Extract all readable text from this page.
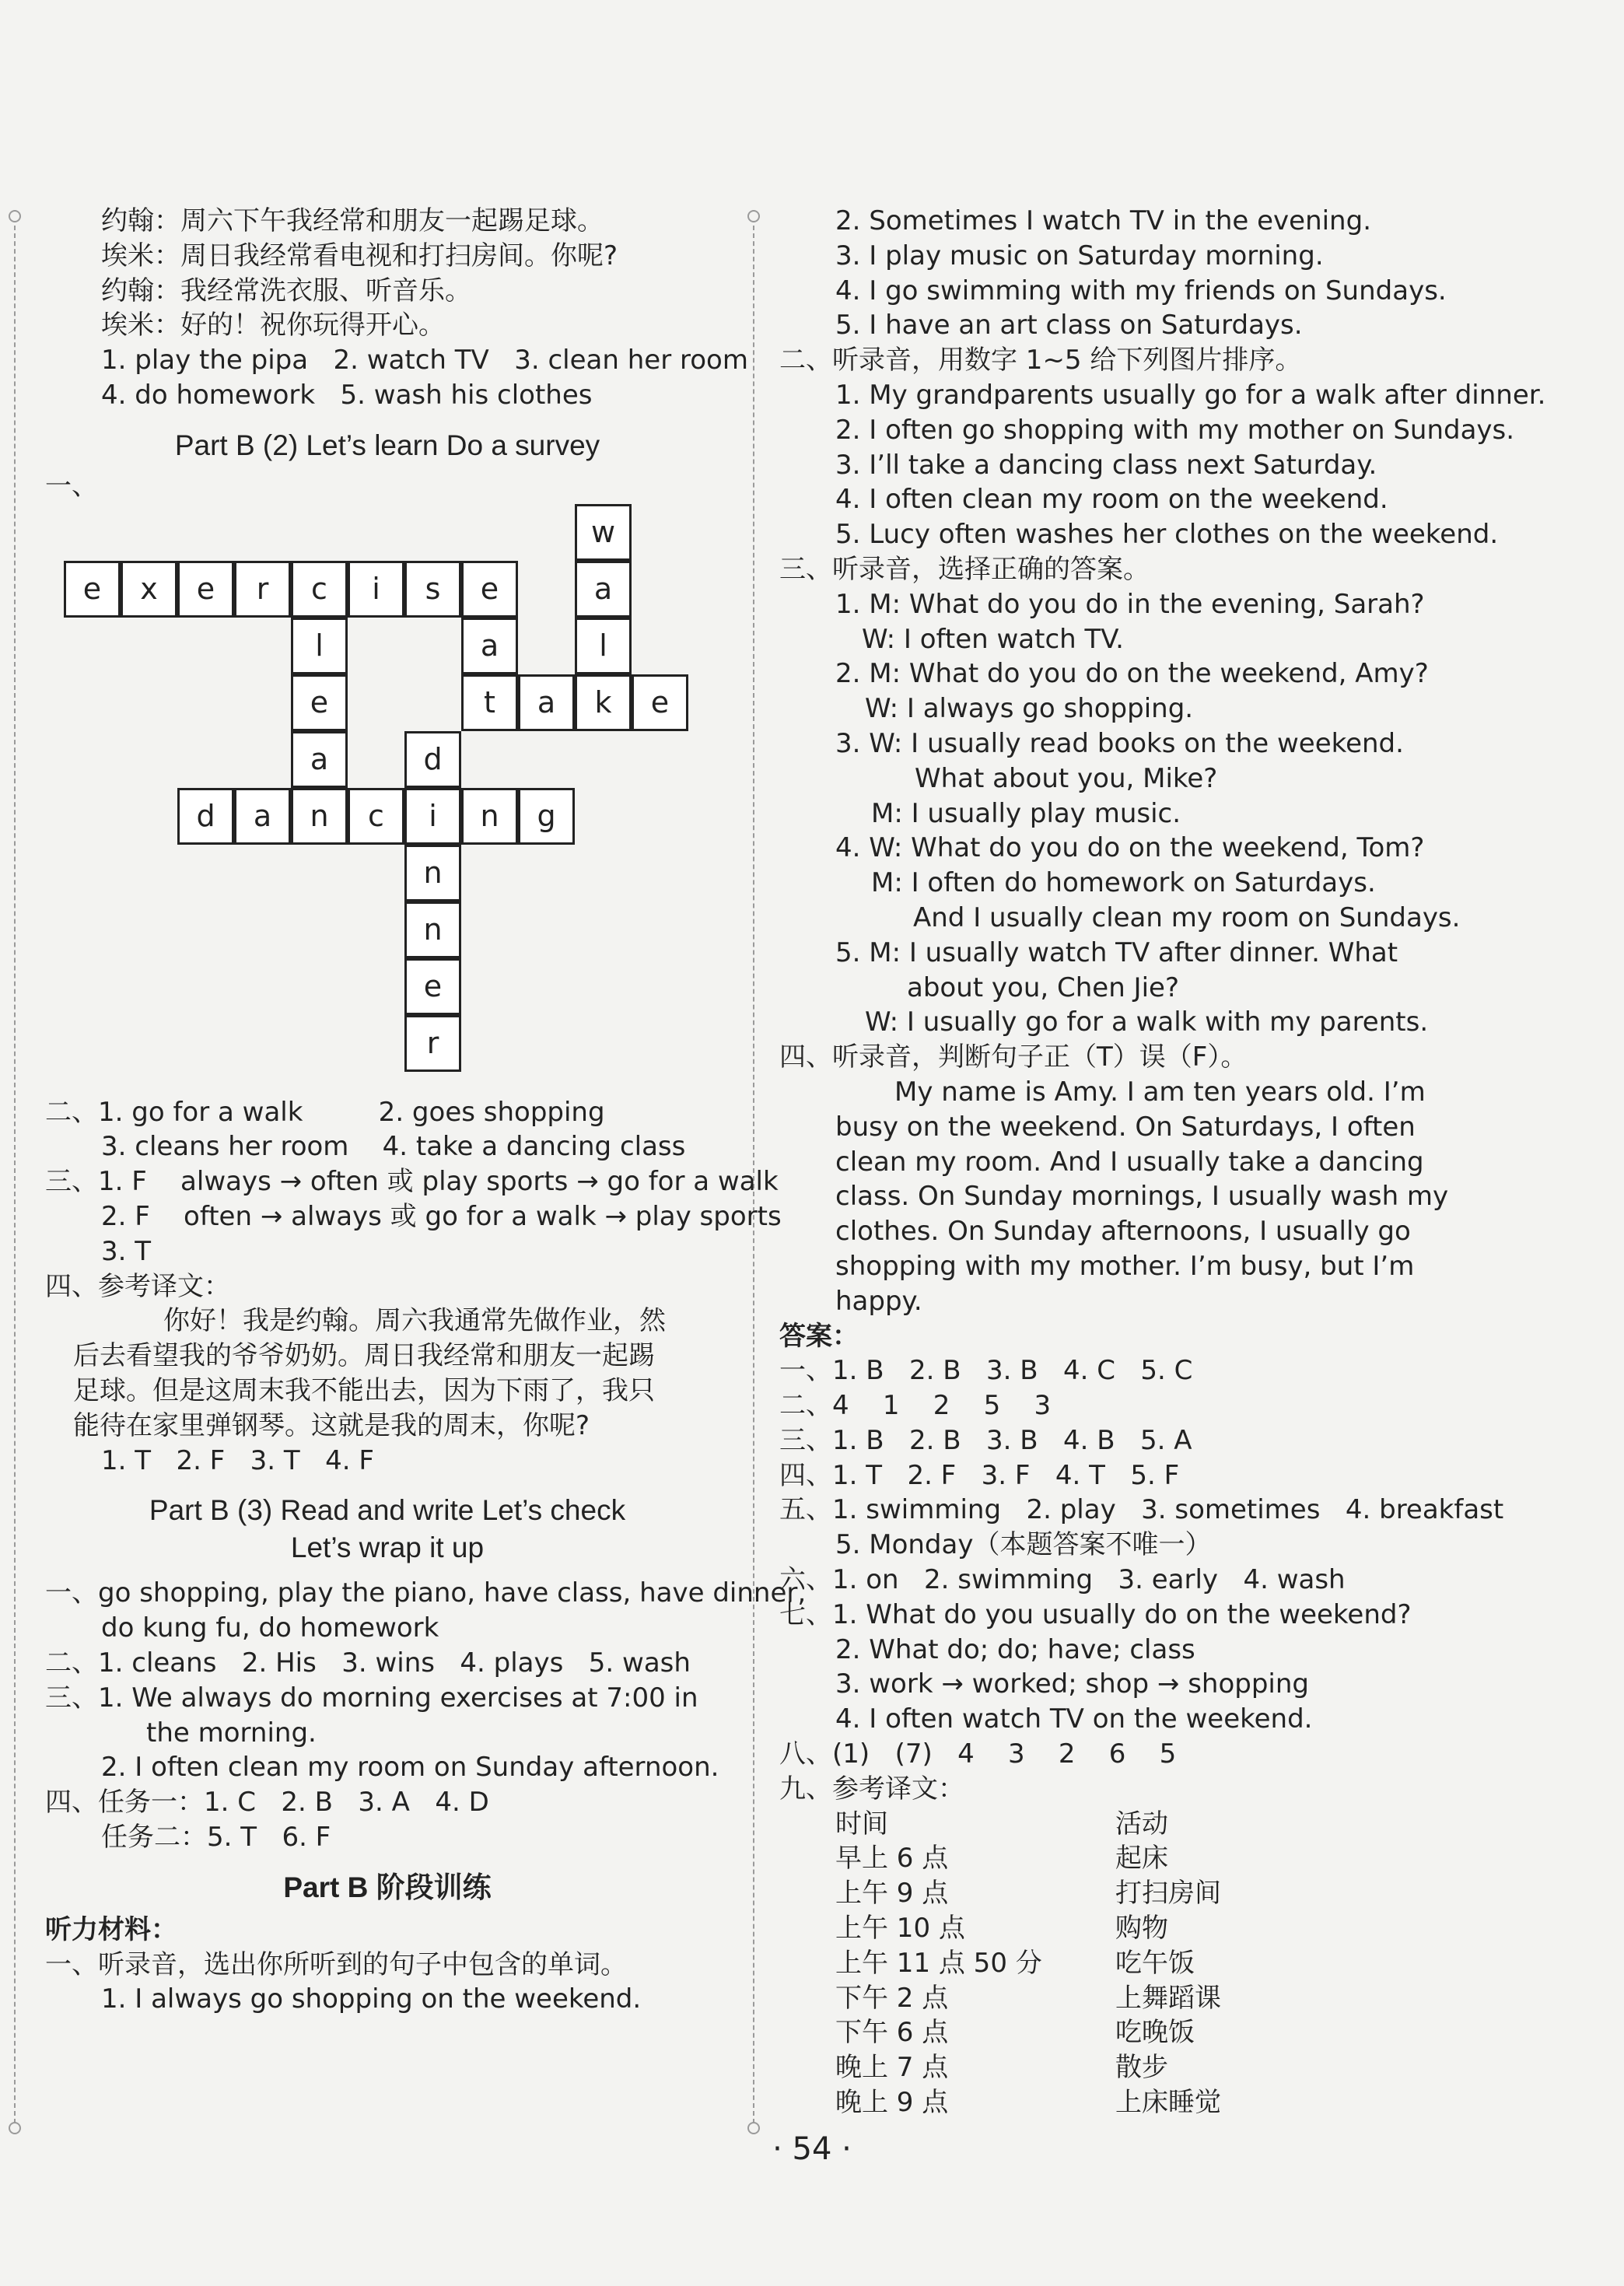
约翰：周六下午我经常和朋友一起踢足球。
埃米：周日我经常看电视和打扫房间。你呢?
约翰：我经常洗衣服、听音乐。
埃米：好的！祝你玩得开心。
1. play the pipa   2. watch TV   3. clean her room
4. do homework   5. wash his clothes
Part B (2) Let’s learn Do a survey
一、
w
e	x	e	r	c	i	s	e	a
l	a	l
e	t	a	k	e
a	d
d	a	n	c	i	n	g
n
n
e
r
二、1. go for a walk         2. goes shopping
3. cleans her room    4. take a dancing class
三、1. F    always → often 或 play sports → go for a walk
2. F    often → always 或 go for a walk → play sports
3. T
四、参考译文：
你好！我是约翰。周六我通常先做作业，然
后去看望我的爷爷奶奶。周日我经常和朋友一起踢
足球。但是这周末我不能出去，因为下雨了，我只
能待在家里弹钢琴。这就是我的周末，你呢?
1. T   2. F   3. T   4. F
Part B (3) Read and write Let’s check
Let’s wrap it up
一、go shopping, play the piano, have class, have dinner,
do kung fu, do homework
二、1. cleans   2. His   3. wins   4. plays   5. wash
三、1. We always do morning exercises at 7:00 in
the morning.
2. I often clean my room on Sunday afternoon.
四、任务一：1. C   2. B   3. A   4. D
任务二：5. T   6. F
Part B 阶段训练
听力材料：
一、听录音，选出你所听到的句子中包含的单词。
1. I always go shopping on the weekend.
2. Sometimes I watch TV in the evening.
3. I play music on Saturday morning.
4. I go swimming with my friends on Sundays.
5. I have an art class on Saturdays.
二、听录音，用数字 1~5 给下列图片排序。
1. My grandparents usually go for a walk after dinner.
2. I often go shopping with my mother on Sundays.
3. I’ll take a dancing class next Saturday.
4. I often clean my room on the weekend.
5. Lucy often washes her clothes on the weekend.
三、听录音，选择正确的答案。
1. M: What do you do in the evening, Sarah?
W: I often watch TV.
2. M: What do you do on the weekend, Amy?
W: I always go shopping.
3. W: I usually read books on the weekend.
What about you, Mike?
M: I usually play music.
4. W: What do you do on the weekend, Tom?
M: I often do homework on Saturdays.
And I usually clean my room on Sundays.
5. M: I usually watch TV after dinner. What
about you, Chen Jie?
W: I usually go for a walk with my parents.
四、听录音，判断句子正（T）误（F）。
My name is Amy. I am ten years old. I’m
busy on the weekend. On Saturdays, I often
clean my room. And I usually take a dancing
class. On Sunday mornings, I usually wash my
clothes. On Sunday afternoons, I usually go
shopping with my mother. I’m busy, but I’m
happy.
答案：
一、1. B   2. B   3. B   4. C   5. C
二、4    1    2    5    3
三、1. B   2. B   3. B   4. B   5. A
四、1. T   2. F   3. F   4. T   5. F
五、1. swimming   2. play   3. sometimes   4. breakfast
5. Monday（本题答案不唯一）
六、1. on   2. swimming   3. early   4. wash
七、1. What do you usually do on the weekend?
2. What do; do; have; class
3. work → worked; shop → shopping
4. I often watch TV on the weekend.
八、(1)   (7)   4    3    2    6    5
九、参考译文：
时间	活动
早上 6 点	起床
上午 9 点	打扫房间
上午 10 点	购物
上午 11 点 50 分	吃午饭
下午 2 点	上舞蹈课
下午 6 点	吃晚饭
晚上 7 点	散步
晚上 9 点	上床睡觉
· 54 ·
